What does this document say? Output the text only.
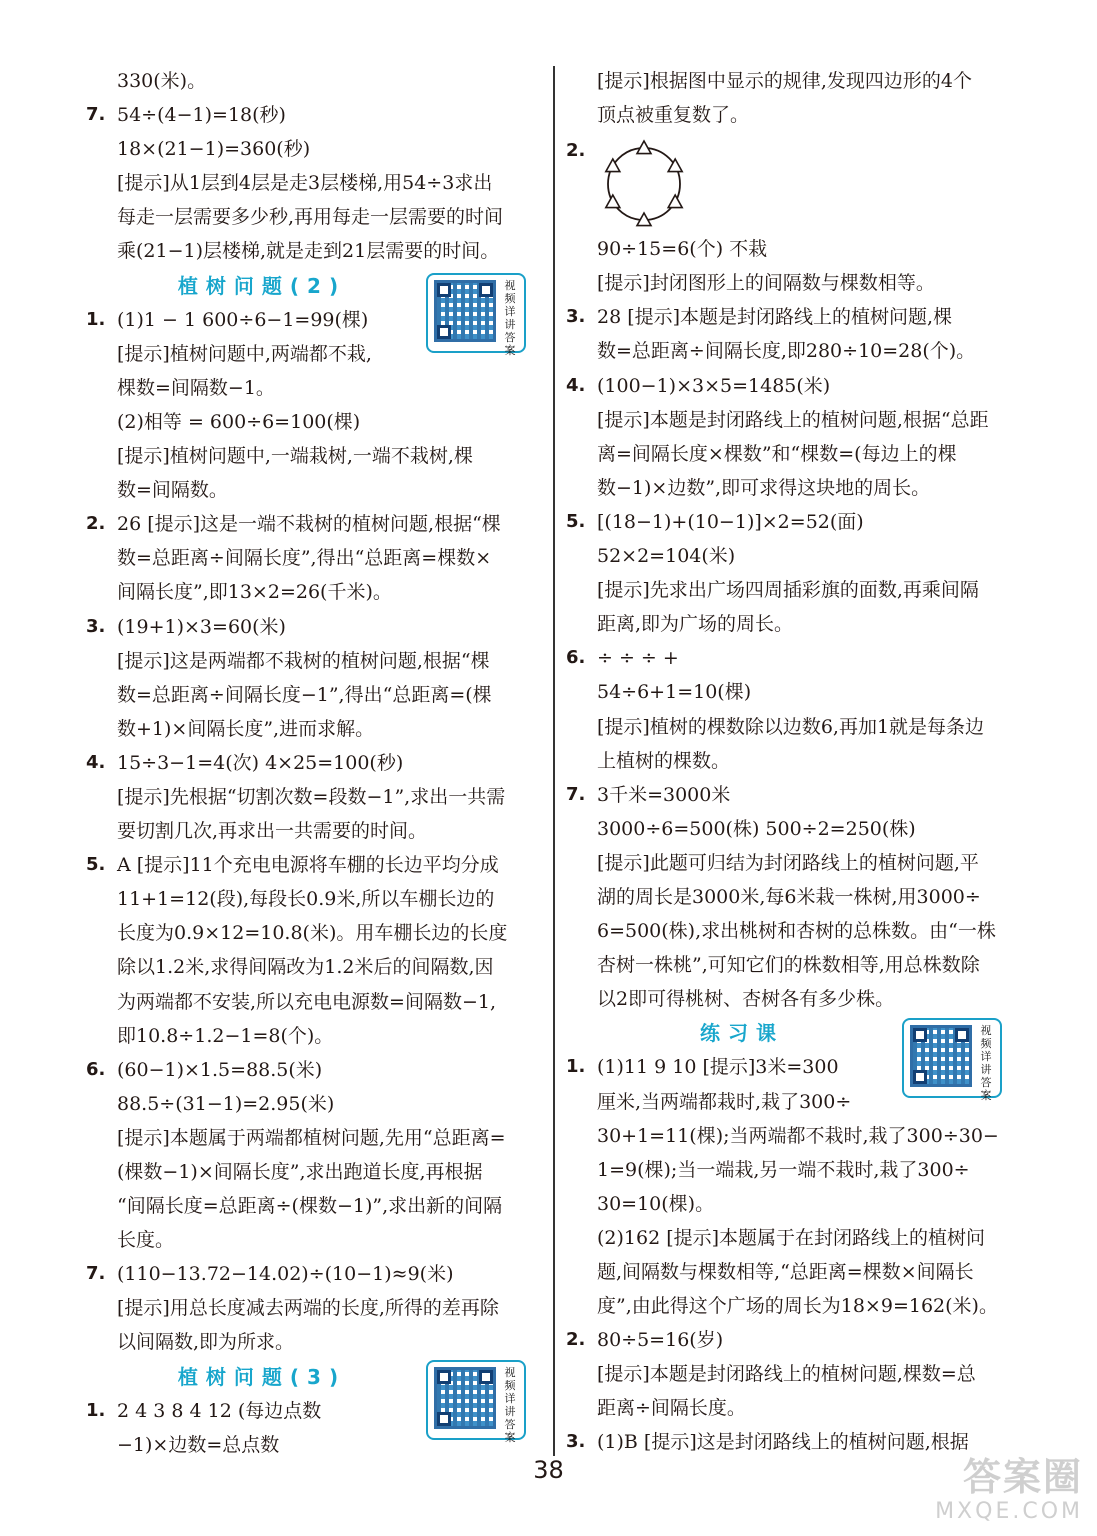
330(米)。
7. 54÷(4−1)=18(秒)
18×(21−1)=360(秒)
[提示]从1层到4层是走3层楼梯,用54÷3求出
每走一层需要多少秒,再用每走一层需要的时间
乘(21−1)层楼梯,就是走到21层需要的时间。
植树问题(2)	视频详讲答案
1. (1)1 − 1 600÷6−1=99(棵)
[提示]植树问题中,两端都不栽,
棵数=间隔数−1。
(2)相等 = 600÷6=100(棵)
[提示]植树问题中,一端栽树,一端不栽树,棵
数=间隔数。
2. 26 [提示]这是一端不栽树的植树问题,根据“棵
数=总距离÷间隔长度”,得出“总距离=棵数×
间隔长度”,即13×2=26(千米)。
3. (19+1)×3=60(米)
[提示]这是两端都不栽树的植树问题,根据“棵
数=总距离÷间隔长度−1”,得出“总距离=(棵
数+1)×间隔长度”,进而求解。
4. 15÷3−1=4(次) 4×25=100(秒)
[提示]先根据“切割次数=段数−1”,求出一共需
要切割几次,再求出一共需要的时间。
5. A [提示]11个充电电源将车棚的长边平均分成
11+1=12(段),每段长0.9米,所以车棚长边的
长度为0.9×12=10.8(米)。用车棚长边的长度
除以1.2米,求得间隔改为1.2米后的间隔数,因
为两端都不安装,所以充电电源数=间隔数−1,
即10.8÷1.2−1=8(个)。
6. (60−1)×1.5=88.5(米)
88.5÷(31−1)=2.95(米)
[提示]本题属于两端都植树问题,先用“总距离=
(棵数−1)×间隔长度”,求出跑道长度,再根据
“间隔长度=总距离÷(棵数−1)”,求出新的间隔
长度。
7. (110−13.72−14.02)÷(10−1)≈9(米)
[提示]用总长度减去两端的长度,所得的差再除
以间隔数,即为所求。
植树问题(3)	视频详讲答案
1. 2 4 3 8 4 12 (每边点数
−1)×边数=总点数
[提示]根据图中显示的规律,发现四边形的4个
顶点被重复数了。
2.
90÷15=6(个) 不栽
[提示]封闭图形上的间隔数与棵数相等。
3. 28 [提示]本题是封闭路线上的植树问题,棵
数=总距离÷间隔长度,即280÷10=28(个)。
4. (100−1)×3×5=1485(米)
[提示]本题是封闭路线上的植树问题,根据“总距
离=间隔长度×棵数”和“棵数=(每边上的棵
数−1)×边数”,即可求得这块地的周长。
5. [(18−1)+(10−1)]×2=52(面)
52×2=104(米)
[提示]先求出广场四周插彩旗的面数,再乘间隔
距离,即为广场的周长。
6. ÷ ÷ ÷ +
54÷6+1=10(棵)
[提示]植树的棵数除以边数6,再加1就是每条边
上植树的棵数。
7. 3千米=3000米
3000÷6=500(株) 500÷2=250(株)
[提示]此题可归结为封闭路线上的植树问题,平
湖的周长是3000米,每6米栽一株树,用3000÷
6=500(株),求出桃树和杏树的总株数。由“一株
杏树一株桃”,可知它们的株数相等,用总株数除
以2即可得桃树、杏树各有多少株。
练习课	视频详讲答案
1. (1)11 9 10 [提示]3米=300
厘米,当两端都栽时,栽了300÷
30+1=11(棵);当两端都不栽时,栽了300÷30−
1=9(棵);当一端栽,另一端不栽时,栽了300÷
30=10(棵)。
(2)162 [提示]本题属于在封闭路线上的植树问
题,间隔数与棵数相等,“总距离=棵数×间隔长
度”,由此得这个广场的周长为18×9=162(米)。
2. 80÷5=16(岁)
[提示]本题是封闭路线上的植树问题,棵数=总
距离÷间隔长度。
3. (1)B [提示]这是封闭路线上的植树问题,根据
38	答案圈
MXQE.COM
